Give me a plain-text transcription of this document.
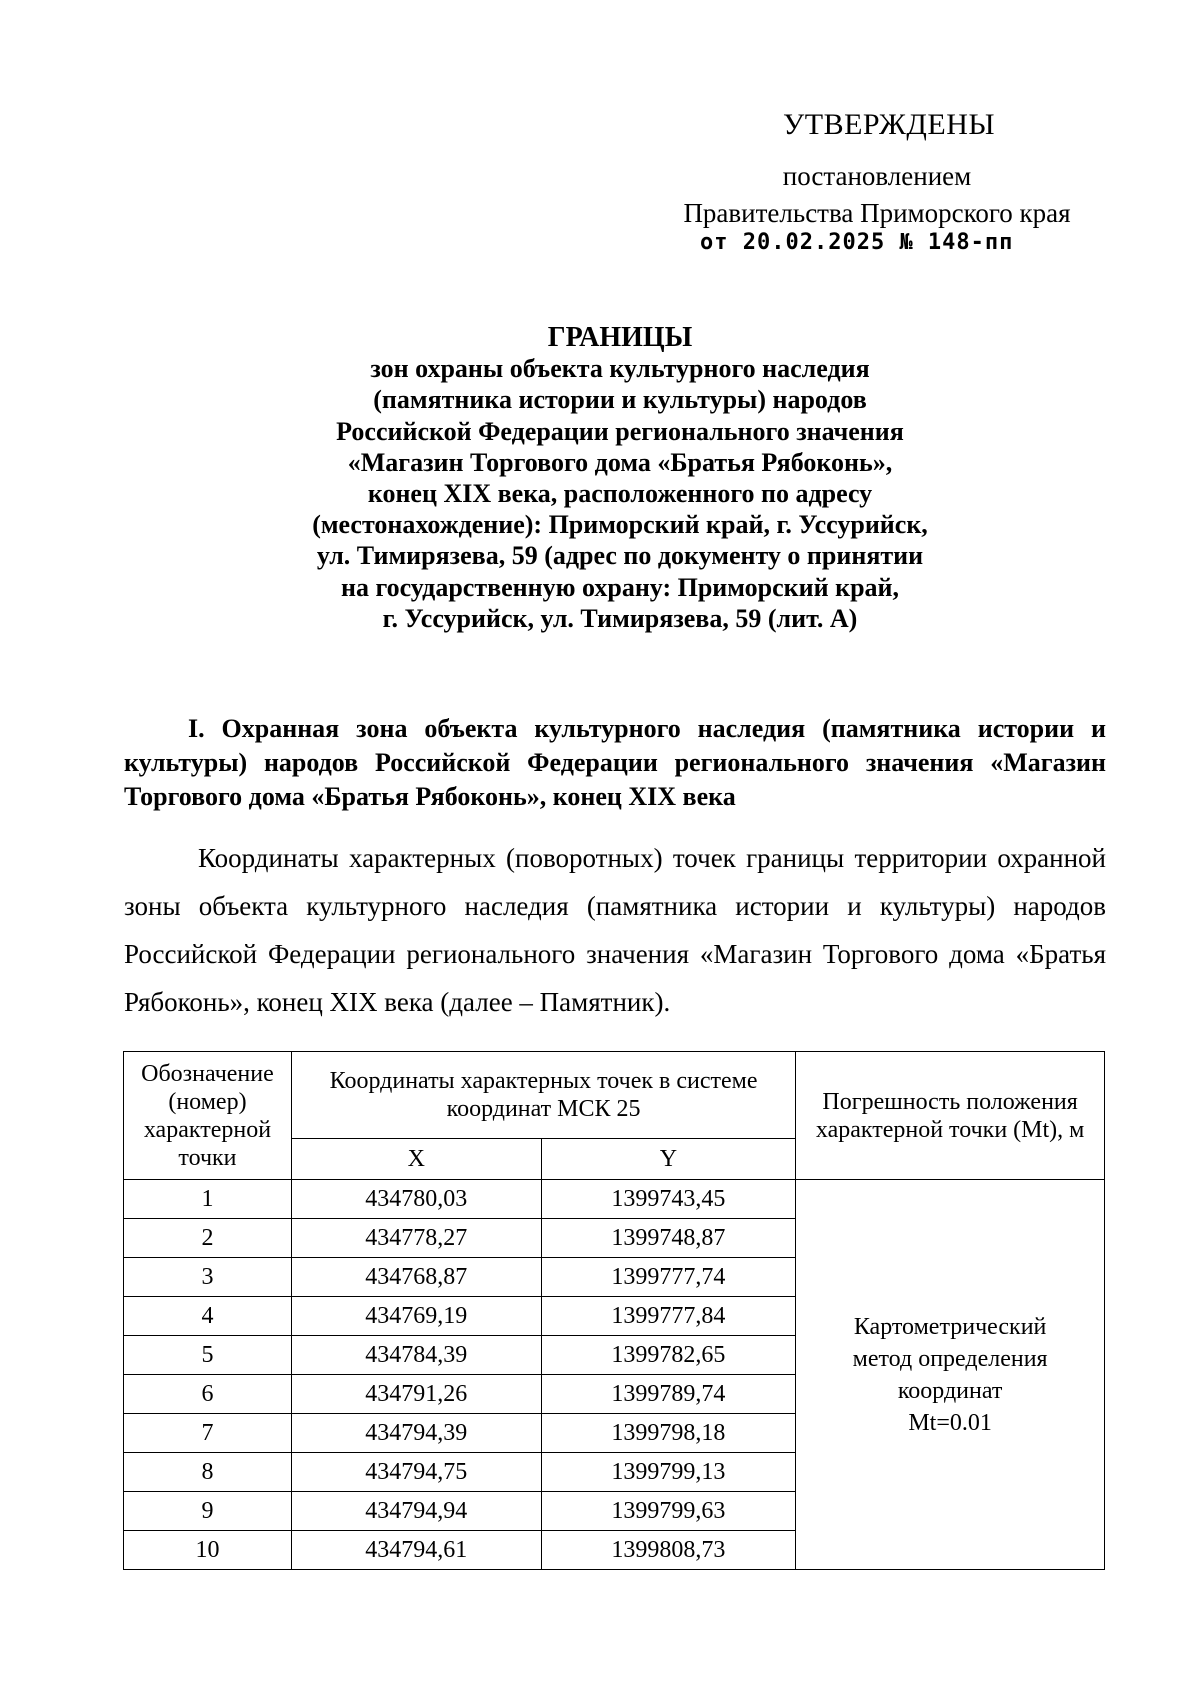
УТВЕРЖДЕНЫ
постановлением
Правительства Приморского края
от 20.02.2025 № 148-пп
ГРАНИЦЫ
зон охраны объекта культурного наследия
(памятника истории и культуры) народов
Российской Федерации регионального значения
«Магазин Торгового дома «Братья Рябоконь»,
конец XIX века, расположенного по адресу
(местонахождение): Приморский край, г. Уссурийск,
ул. Тимирязева, 59 (адрес по документу о принятии
на государственную охрану: Приморский край,
г. Уссурийск, ул. Тимирязева, 59 (лит. А)
I. Охранная зона объекта культурного наследия (памятника истории и культуры) народов Российской Федерации регионального значения «Магазин Торгового дома «Братья Рябоконь», конец XIX века
Координаты характерных (поворотных) точек границы территории охранной зоны объекта культурного наследия (памятника истории и культуры) народов Российской Федерации регионального значения «Магазин Торгового дома «Братья Рябоконь», конец XIX века (далее – Памятник).
Обозначение (номер) характерной точки	Координаты характерных точек в системе координат МСК 25		Погрешность положения характерной точки (Mt), м
	X	Y	
1	434780,03	1399743,45	Картометрический
метод определения
координат
Mt=0.01

2	434778,27	1399748,87	
3	434768,87	1399777,74	
4	434769,19	1399777,84	
5	434784,39	1399782,65	
6	434791,26	1399789,74	
7	434794,39	1399798,18	
8	434794,75	1399799,13	
9	434794,94	1399799,63	
10	434794,61	1399808,73	
